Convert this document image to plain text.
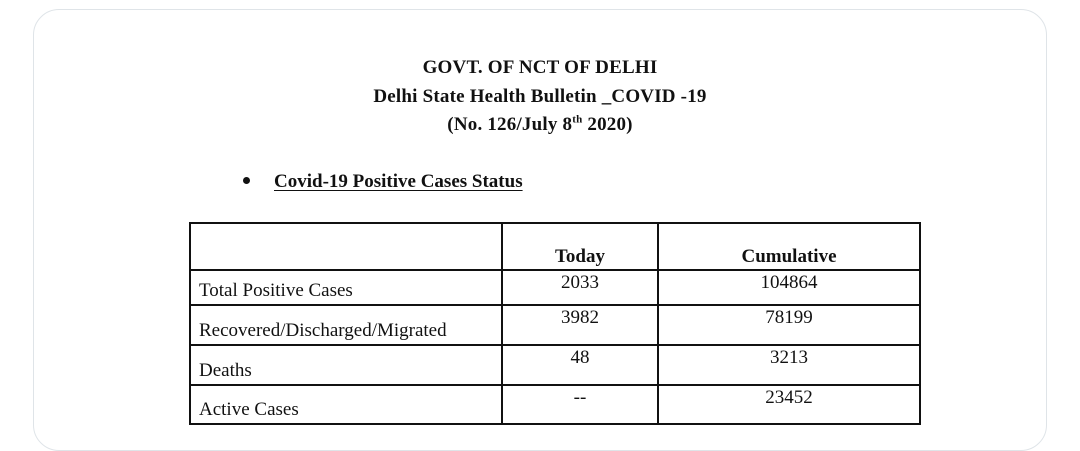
GOVT. OF NCT OF DELHI
Delhi State Health Bulletin _COVID -19
(No. 126/July 8th 2020)
Covid-19 Positive Cases Status
	Today	Cumulative
Total Positive Cases	2033	104864
Recovered/Discharged/Migrated	3982	78199
Deaths	48	3213
Active Cases	--	23452
